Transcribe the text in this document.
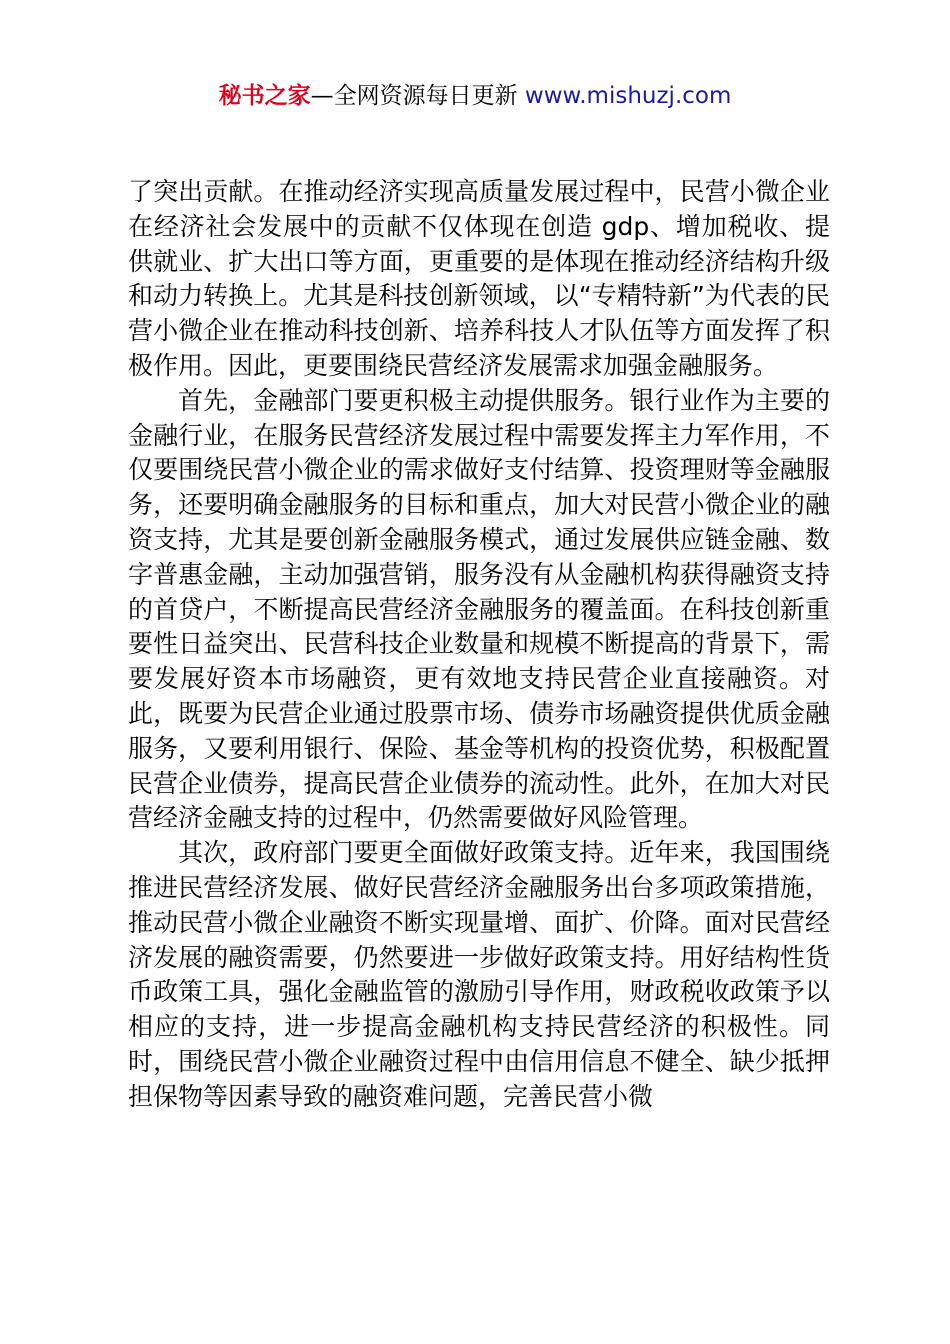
秘书之家—全网资源每日更新 www.mishuzj.com

了突出贡献。在推动经济实现高质量发展过程中，民营小微企业在经济社会发展中的贡献不仅体现在创造 gdp、增加税收、提供就业、扩大出口等方面，更重要的是体现在推动经济结构升级和动力转换上。尤其是科技创新领域，以“专精特新”为代表的民营小微企业在推动科技创新、培养科技人才队伍等方面发挥了积极作用。因此，更要围绕民营经济发展需求加强金融服务。

首先，金融部门要更积极主动提供服务。银行业作为主要的金融行业，在服务民营经济发展过程中需要发挥主力军作用，不仅要围绕民营小微企业的需求做好支付结算、投资理财等金融服务，还要明确金融服务的目标和重点，加大对民营小微企业的融资支持，尤其是要创新金融服务模式，通过发展供应链金融、数字普惠金融，主动加强营销，服务没有从金融机构获得融资支持的首贷户，不断提高民营经济金融服务的覆盖面。在科技创新重要性日益突出、民营科技企业数量和规模不断提高的背景下，需要发展好资本市场融资，更有效地支持民营企业直接融资。对此，既要为民营企业通过股票市场、债券市场融资提供优质金融服务，又要利用银行、保险、基金等机构的投资优势，积极配置民营企业债券，提高民营企业债券的流动性。此外，在加大对民营经济金融支持的过程中，仍然需要做好风险管理。

其次，政府部门要更全面做好政策支持。近年来，我国围绕推进民营经济发展、做好民营经济金融服务出台多项政策措施，推动民营小微企业融资不断实现量增、面扩、价降。面对民营经济发展的融资需要，仍然要进一步做好政策支持。用好结构性货币政策工具，强化金融监管的激励引导作用，财政税收政策予以相应的支持，进一步提高金融机构支持民营经济的积极性。同时，围绕民营小微企业融资过程中由信用信息不健全、缺少抵押担保物等因素导致的融资难问题，完善民营小微
